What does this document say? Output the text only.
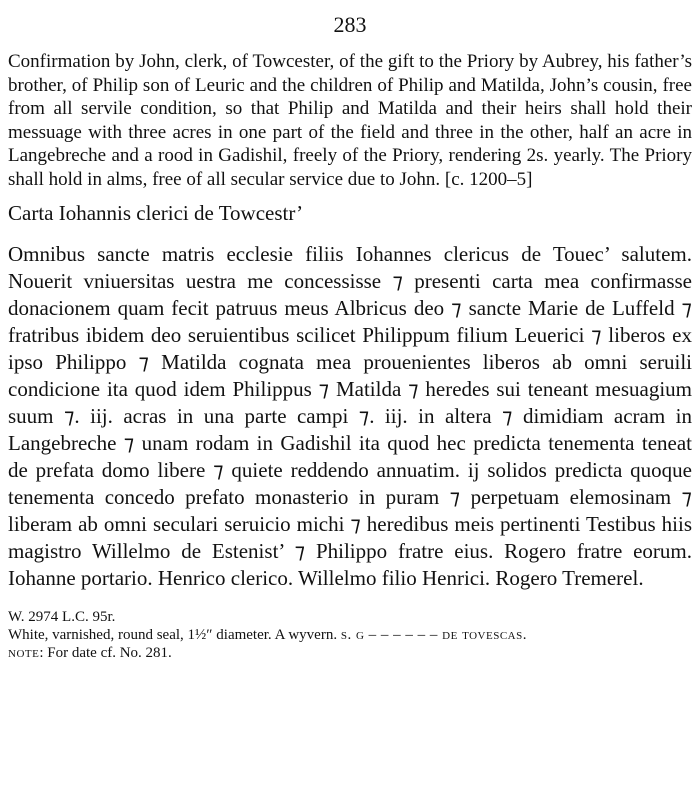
283

Confirmation by John, clerk, of Towcester, of the gift to the Priory by Aubrey, his father’s brother, of Philip son of Leuric and the children of Philip and Matilda, John’s cousin, free from all servile condition, so that Philip and Matilda and their heirs shall hold their messuage with three acres in one part of the field and three in the other, half an acre in Langebreche and a rood in Gadishil, freely of the Priory, rendering 2s. yearly. The Priory shall hold in alms, free of all secular service due to John. [c. 1200–5]

Carta Iohannis clerici de Towcestr’

Omnibus sancte matris ecclesie filiis Iohannes clericus de Touec’ salutem. Nouerit vniuersitas uestra me concessisse ⁊ presenti carta mea confirmasse donacionem quam fecit patruus meus Albricus deo ⁊ sancte Marie de Luffeld ⁊ fratribus ibidem deo seruientibus scilicet Philippum filium Leuerici ⁊ liberos ex ipso Philippo ⁊ Matilda cognata mea prouenientes liberos ab omni seruili condicione ita quod idem Philippus ⁊ Matilda ⁊ heredes sui teneant mesuagium suum ⁊. iij. acras in una parte campi ⁊. iij. in altera ⁊ dimidiam acram in Langebreche ⁊ unam rodam in Gadishil ita quod hec predicta tenementa teneat de prefata domo libere ⁊ quiete reddendo annuatim. ij solidos predicta quoque tenementa concedo prefato monasterio in puram ⁊ perpetuam elemosinam ⁊ liberam ab omni seculari seruicio michi ⁊ heredibus meis pertinenti Testibus hiis magistro Willelmo de Estenist’ ⁊ Philippo fratre eius. Rogero fratre eorum. Iohanne portario. Henrico clerico. Willelmo filio Henrici. Rogero Tremerel.

W. 2974 L.C. 95r.
White, varnished, round seal, 1½″ diameter. A wyvern. s. g – – – – – – de tovescas.
note: For date cf. No. 281.
